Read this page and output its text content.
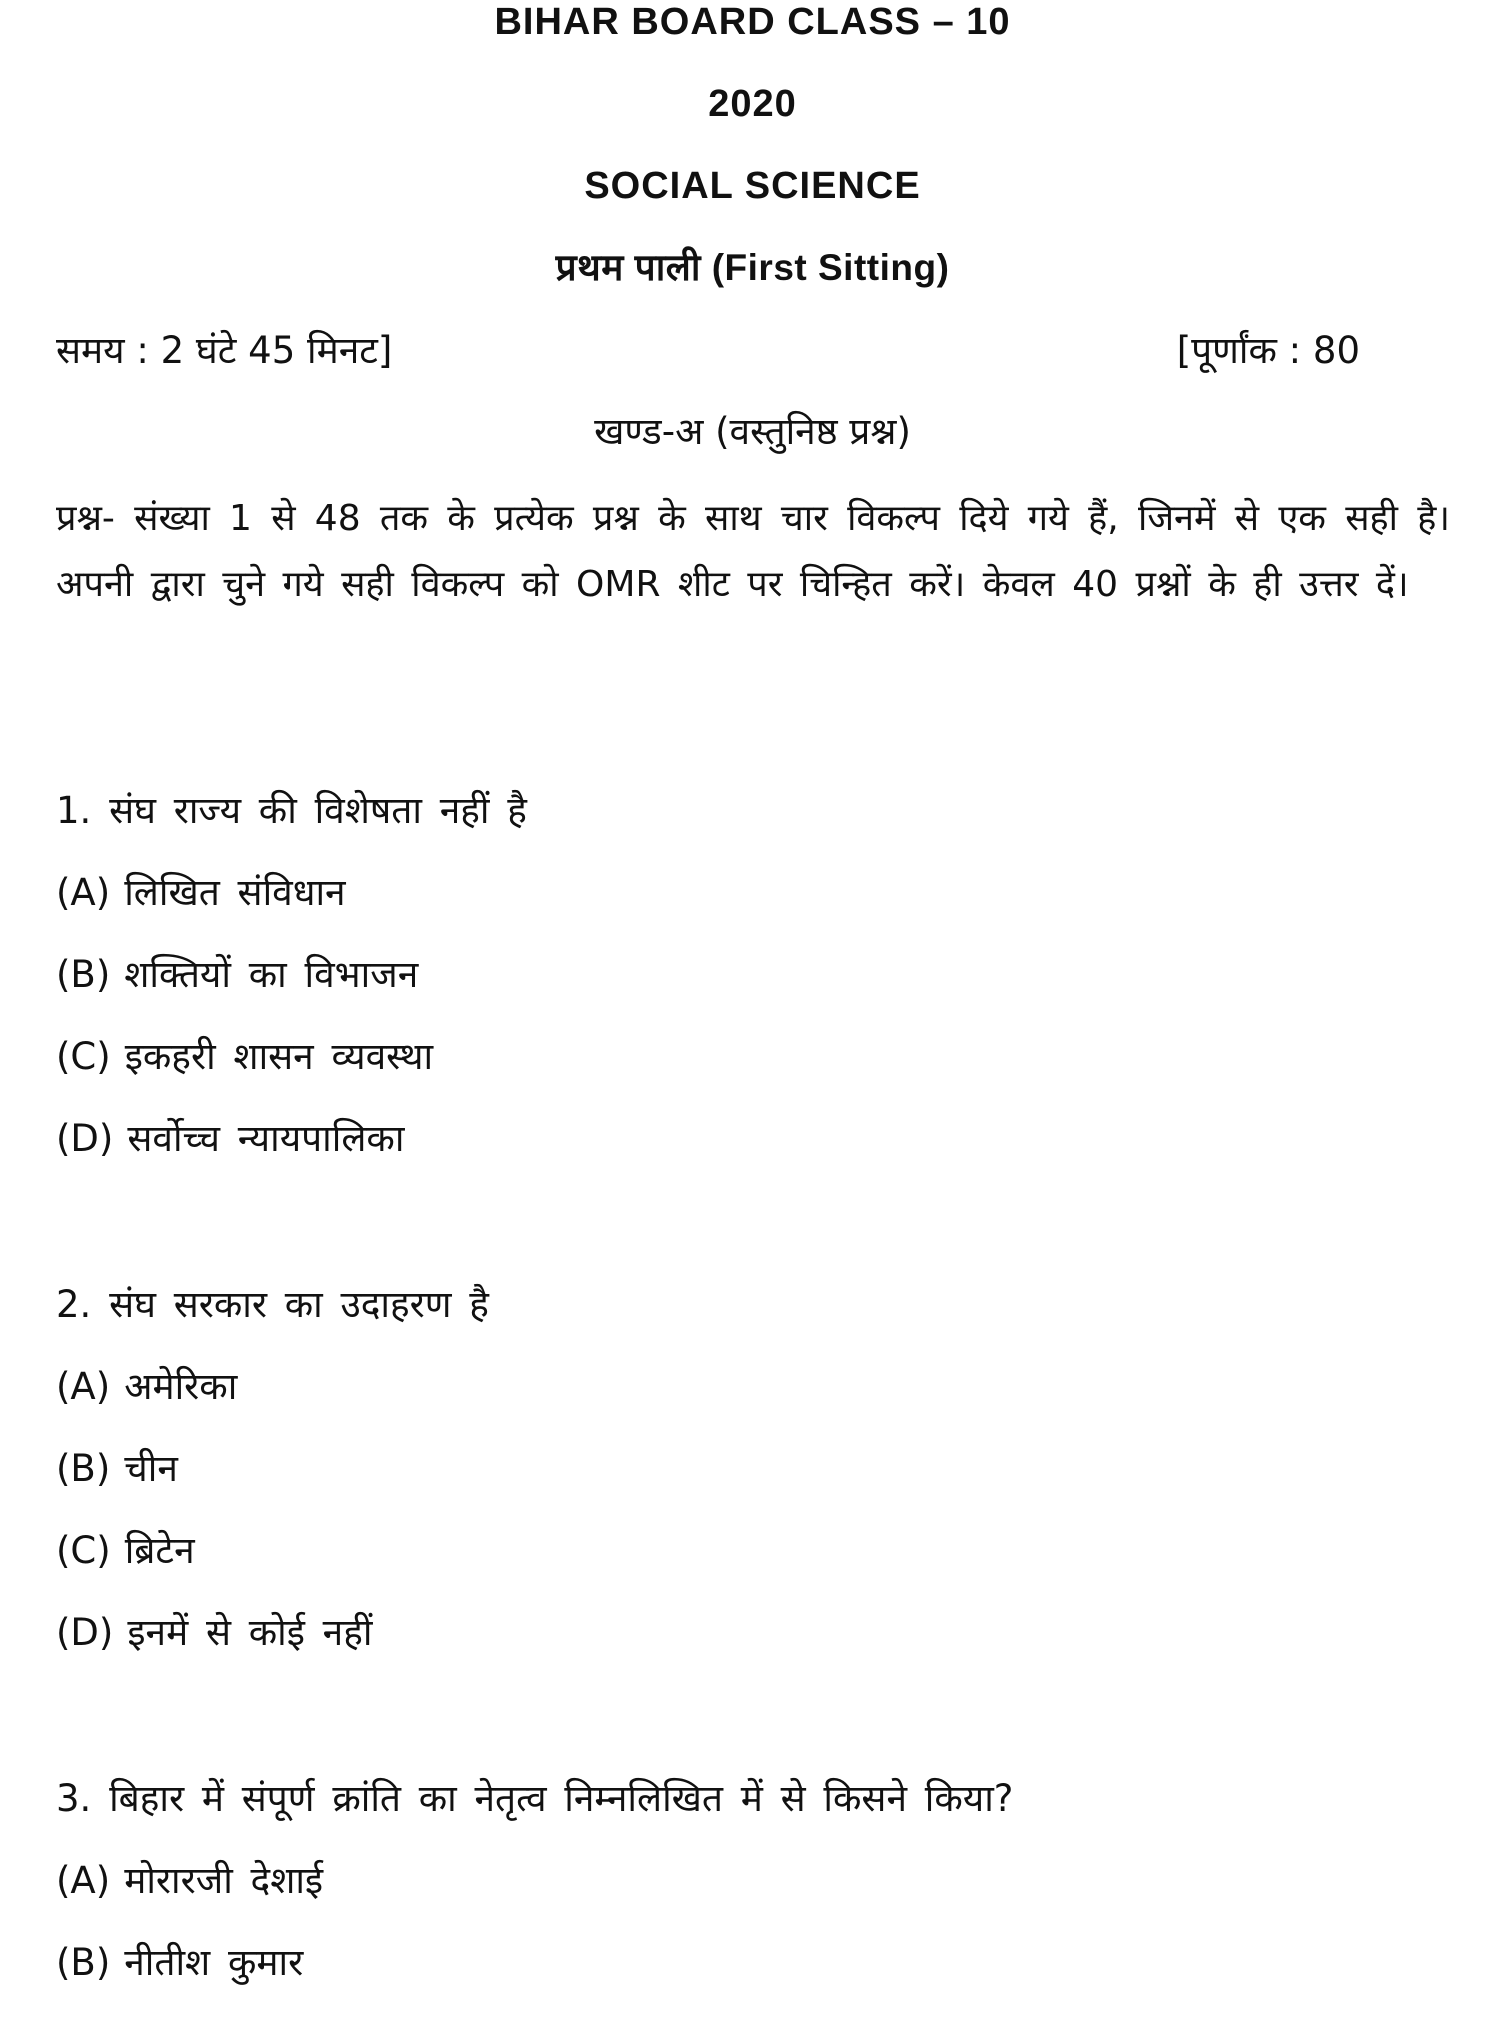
BIHAR BOARD CLASS – 10
2020
SOCIAL SCIENCE
प्रथम पाली (First Sitting)
समय : 2 घंटे 45 मिनट]	[पूर्णांक : 80
खण्ड-अ (वस्तुनिष्ठ प्रश्न)
प्रश्न- संख्या 1 से 48 तक के प्रत्येक प्रश्न के साथ चार विकल्प दिये गये हैं, जिनमें से एक सही है। अपनी द्वारा चुने गये सही विकल्प को OMR शीट पर चिन्हित करें। केवल 40 प्रश्नों के ही उत्तर दें।
1. संघ राज्य की विशेषता नहीं है
(A) लिखित संविधान
(B) शक्तियों का विभाजन
(C) इकहरी शासन व्यवस्था
(D) सर्वोच्च न्यायपालिका
2. संघ सरकार का उदाहरण है
(A) अमेरिका
(B) चीन
(C) ब्रिटेन
(D) इनमें से कोई नहीं
3. बिहार में संपूर्ण क्रांति का नेतृत्व निम्नलिखित में से किसने किया?
(A) मोरारजी देशाई
(B) नीतीश कुमार
